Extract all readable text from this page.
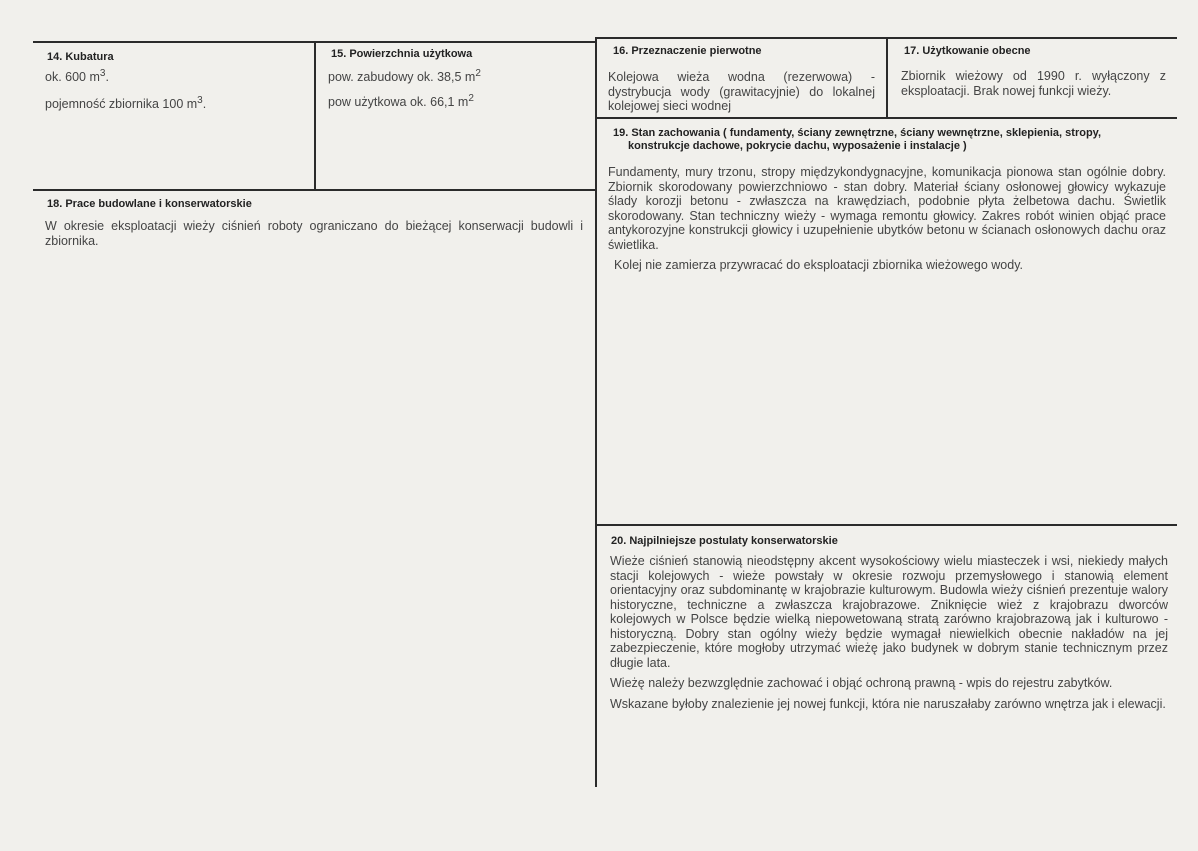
14. Kubatura
ok. 600 $m^3$.
pojemność zbiornika 100 $m^3$.
15. Powierzchnia użytkowa
pow. zabudowy ok. 38,5 $m^2$
pow użytkowa ok. 66,1 $m^2$
16. Przeznaczenie pierwotne
Kolejowa wieża wodna (rezerwowa) - dystrybucja wody (grawitacyjnie) do lokalnej kolejowej sieci wodnej
17. Użytkowanie obecne
Zbiornik wieżowy od 1990 r. wyłączony z eksploatacji. Brak nowej funkcji wieży.
19. Stan zachowania ( fundamenty, ściany zewnętrzne, ściany wewnętrzne, sklepienia, stropy,
konstrukcje dachowe, pokrycie dachu, wyposażenie i instalacje )

Fundamenty, mury trzonu, stropy międzykondygnacyjne, komunikacja pionowa stan ogólnie dobry. Zbiornik skorodowany powierzchniowo - stan dobry. Materiał ściany osłonowej głowicy wykazuje ślady korozji betonu - zwłaszcza na krawędziach, podobnie płyta żelbetowa dachu. Świetlik skorodowany. Stan techniczny wieży - wymaga remontu głowicy. Zakres robót winien objąć prace antykorozyjne konstrukcji głowicy i uzupełnienie ubytków betonu w ścianach osłonowych dachu oraz świetlika.

Kolej nie zamierza przywracać do eksploatacji zbiornika wieżowego wody.

18. Prace budowlane i konserwatorskie
W okresie eksploatacji wieży ciśnień roboty ograniczano do bieżącej konserwacji budowli i zbiornika.
20. Najpilniejsze postulaty konserwatorskie

Wieże ciśnień stanowią nieodstępny akcent wysokościowy wielu miasteczek i wsi, niekiedy małych stacji kolejowych - wieże powstały w okresie rozwoju przemysłowego i stanowią element orientacyjny oraz subdominantę w krajobrazie kulturowym. Budowla wieży ciśnień prezentuje walory historyczne, techniczne a zwłaszcza krajobrazowe. Zniknięcie wież z krajobrazu dworców kolejowych w Polsce będzie wielką niepowetowaną stratą zarówno krajobrazową jak i kulturowo - historyczną. Dobry stan ogólny wieży będzie wymagał niewielkich obecnie nakładów na jej zabezpieczenie, które mogłoby utrzymać wieżę jako budynek w dobrym stanie technicznym przez długie lata.

Wieżę należy bezwzględnie zachować i objąć ochroną prawną - wpis do rejestru zabytków.

Wskazane byłoby znalezienie jej nowej funkcji, która nie naruszałaby zarówno wnętrza jak i elewacji.
